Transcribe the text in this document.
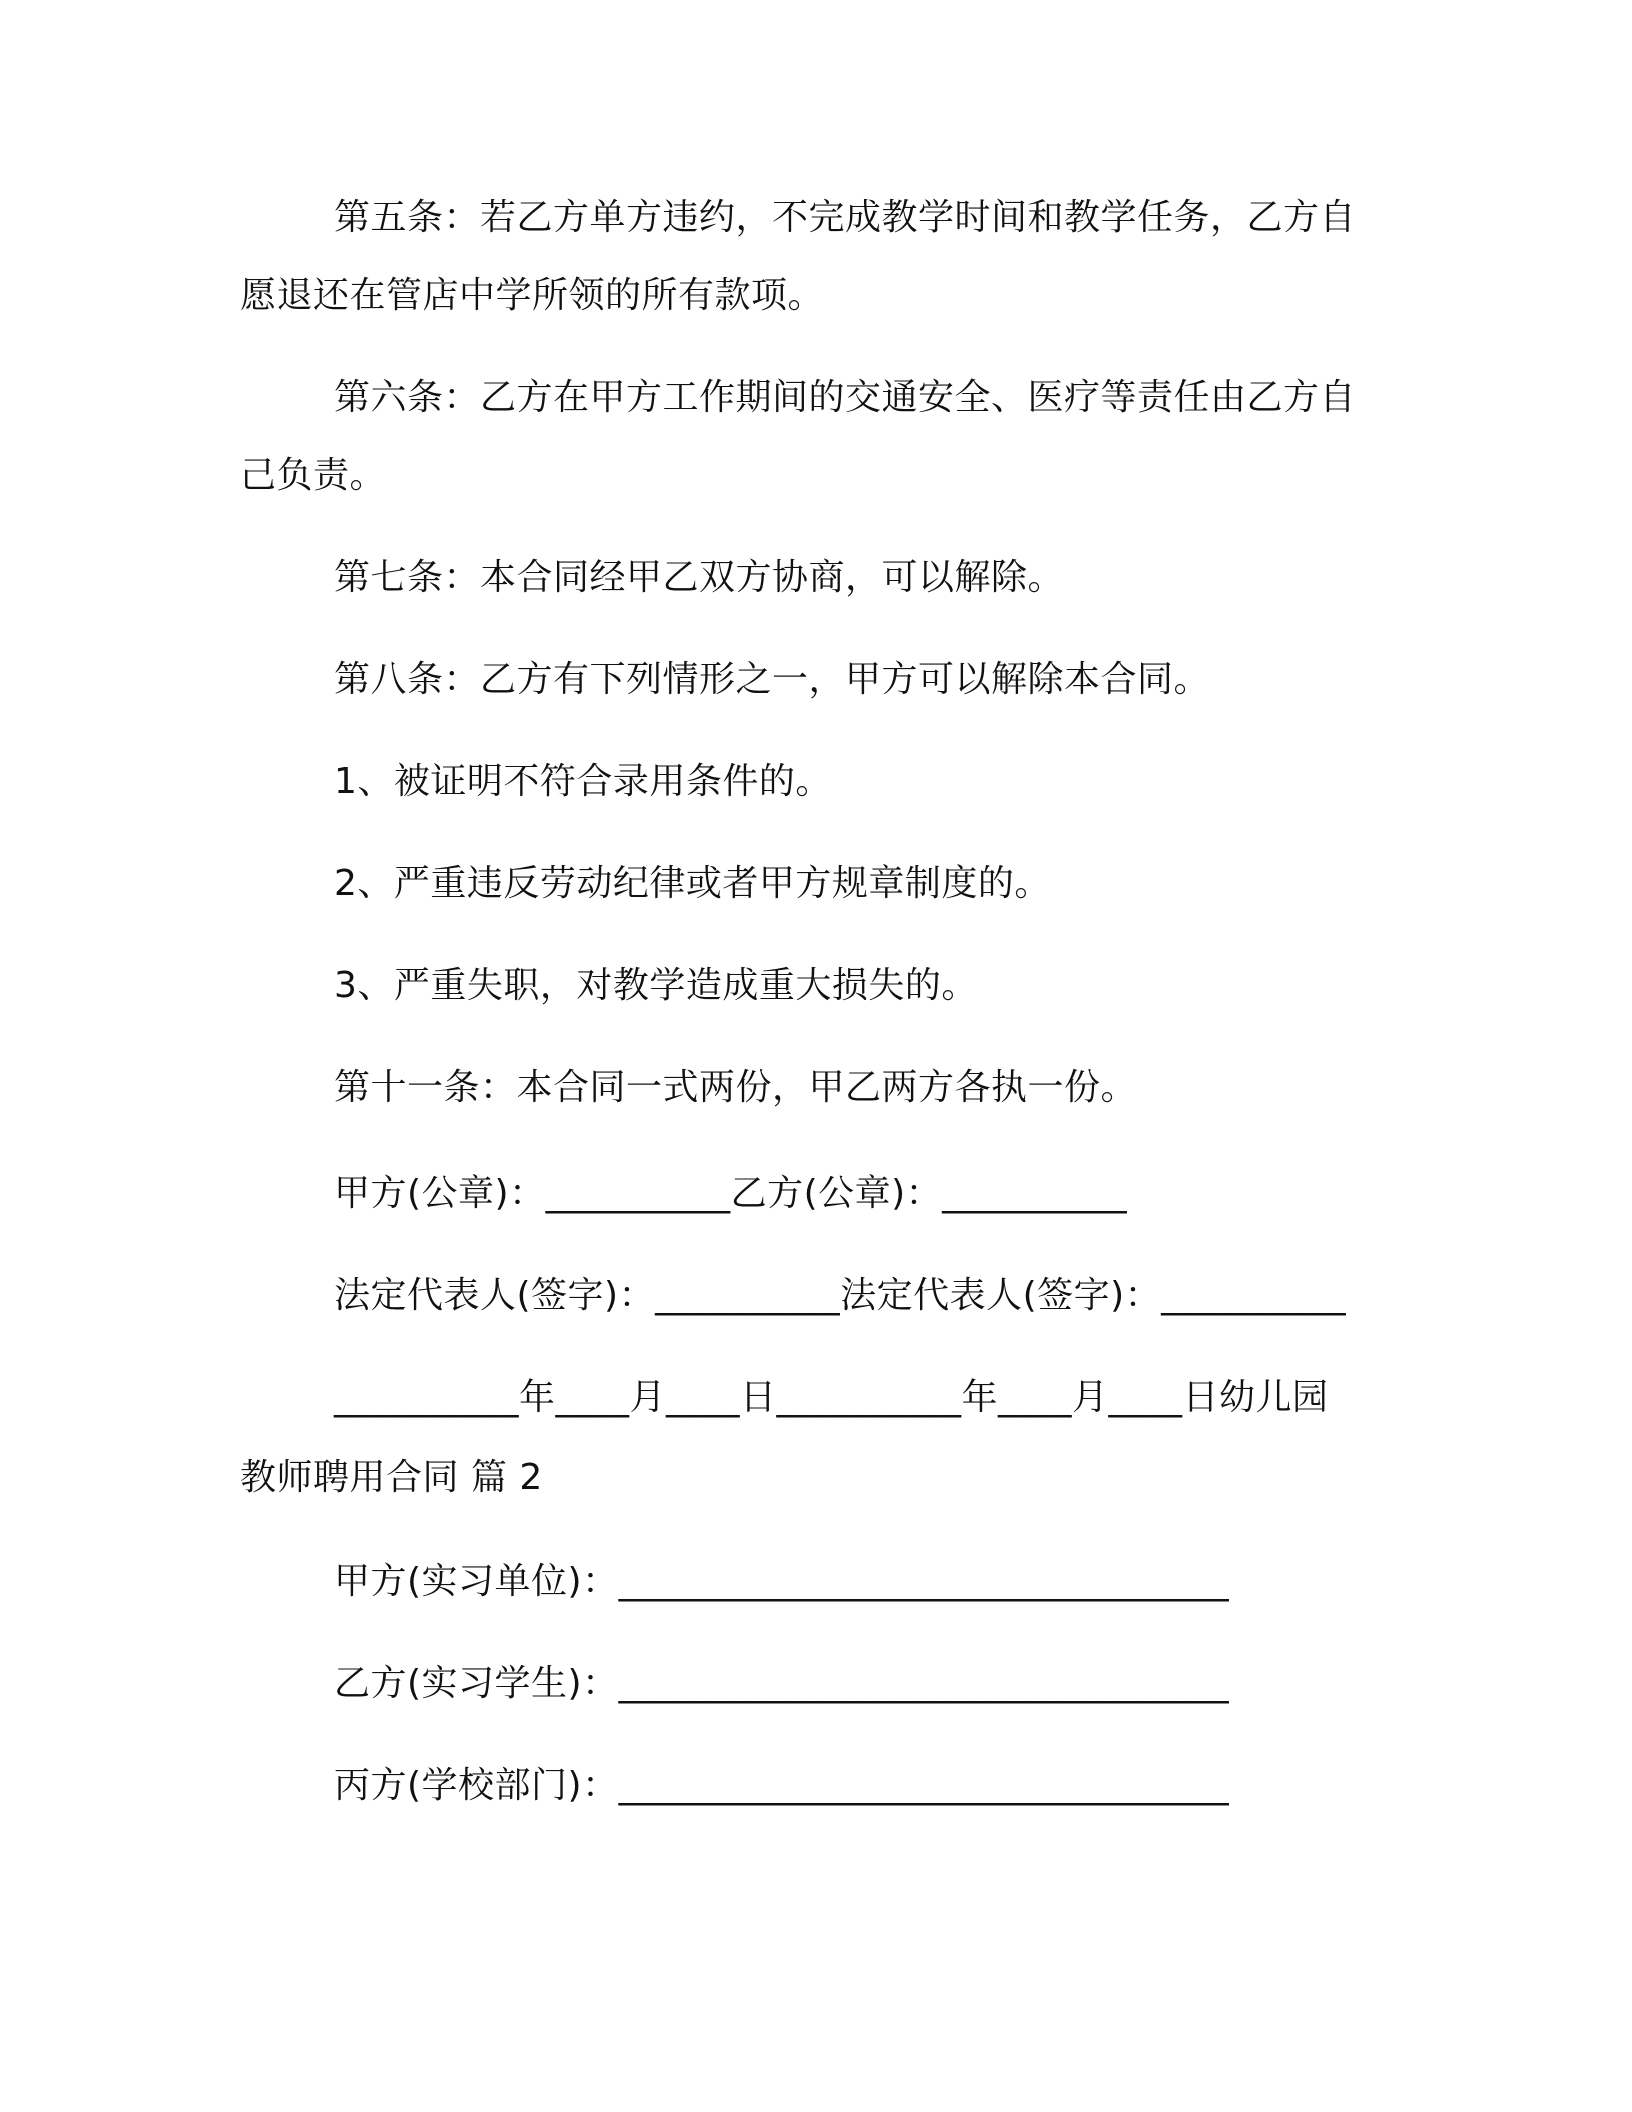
第五条：若乙方单方违约，不完成教学时间和教学任务，乙方自
愿退还在管店中学所领的所有款项。
第六条：乙方在甲方工作期间的交通安全、医疗等责任由乙方自
己负责。
第七条：本合同经甲乙双方协商，可以解除。
第八条：乙方有下列情形之一，甲方可以解除本合同。
1、被证明不符合录用条件的。
2、严重违反劳动纪律或者甲方规章制度的。
3、严重失职，对教学造成重大损失的。
第十一条：本合同一式两份，甲乙两方各执一份。
甲方(公章)：__________乙方(公章)：__________
法定代表人(签字)：__________法定代表人(签字)：__________
__________年____月____日__________年____月____日幼儿园
教师聘用合同 篇 2
甲方(实习单位)：_________________________________
乙方(实习学生)：_________________________________
丙方(学校部门)：_________________________________
